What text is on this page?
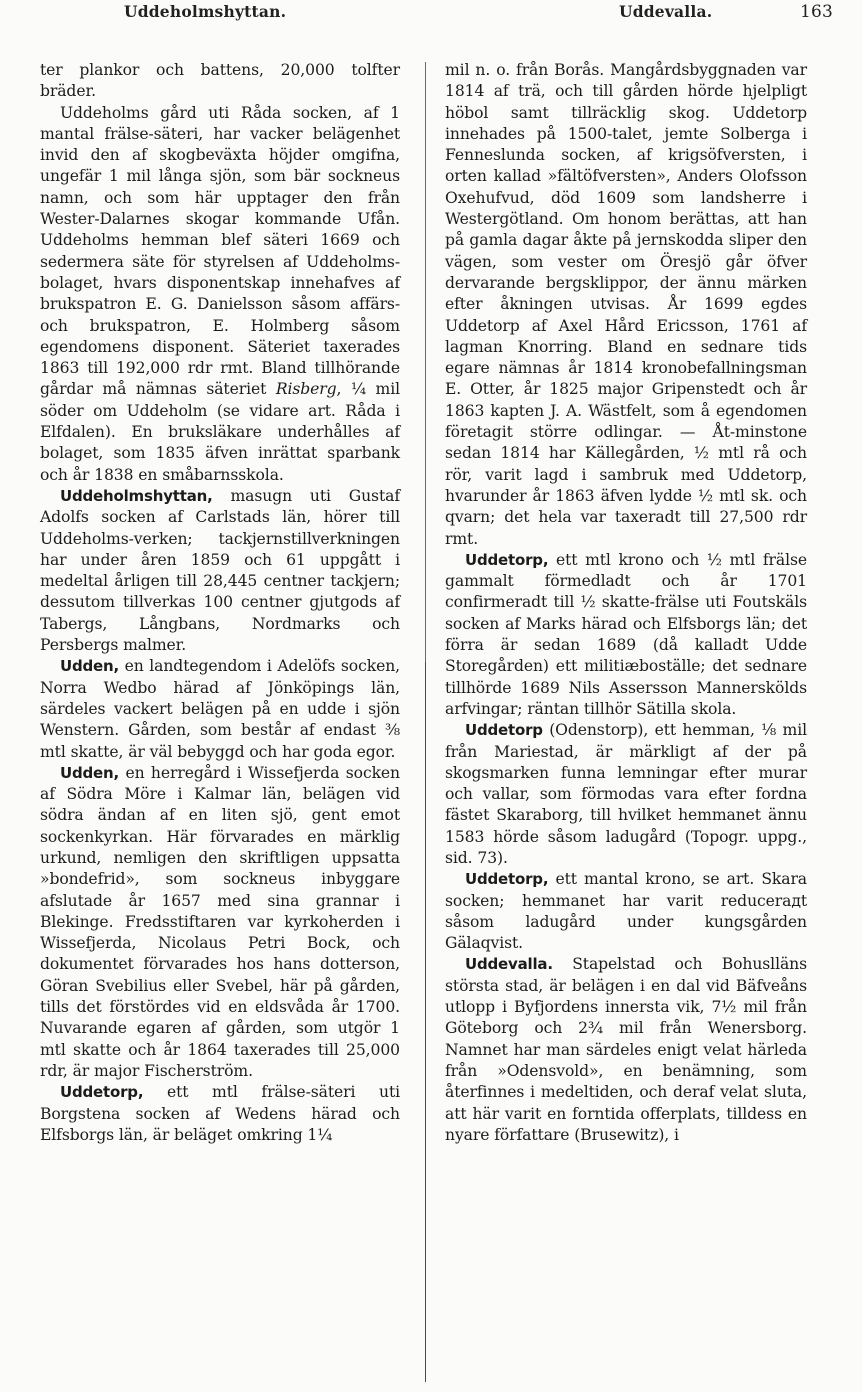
Uddeholmshyttan.	Uddevalla.	163

ter plankor och battens, 20,000 tolfter bräder.

Uddeholms gård uti Råda socken, af 1 mantal frälse-säteri, har vacker belägenhet invid den af skogbeväxta höjder omgifna, ungefär 1 mil långa sjön, som bär sockneus namn, och som här upptager den från Wester-Dalarnes skogar kommande Ufån. Uddeholms hemman blef säteri 1669 och sedermera säte för styrelsen af Uddeholms-bolaget, hvars disponentskap innehafves af brukspatron E. G. Danielsson såsom affärs- och brukspatron, E. Holmberg såsom egendomens disponent. Säteriet taxerades 1863 till 192,000 rdr rmt. Bland tillhörande gårdar må nämnas säteriet Risberg, ¼ mil söder om Uddeholm (se vidare art. Råda i Elfdalen). En bruksläkare underhålles af bolaget, som 1835 äfven inrättat sparbank och år 1838 en småbarnsskola.

Uddeholmshyttan, masugn uti Gustaf Adolfs socken af Carlstads län, hörer till Uddeholms-verken; tackjernstillverkningen har under åren 1859 och 61 uppgått i medeltal årligen till 28,445 centner tackjern; dessutom tillverkas 100 centner gjutgods af Tabergs, Långbans, Nordmarks och Persbergs malmer.

Udden, en landtegendom i Adelöfs socken, Norra Wedbo härad af Jönköpings län, särdeles vackert belägen på en udde i sjön Wenstern. Gården, som består af endast ⅜ mtl skatte, är väl bebyggd och har goda egor.

Udden, en herregård i Wissefjerda socken af Södra Möre i Kalmar län, belägen vid södra ändan af en liten sjö, gent emot sockenkyrkan. Här förvarades en märklig urkund, nemligen den skriftligen uppsatta »bondefrid», som sockneus inbyggare afslutade år 1657 med sina grannar i Blekinge. Fredsstiftaren var kyrkoherden i Wissefjerda, Nicolaus Petri Bock, och dokumentet förvarades hos hans dotterson, Göran Svebilius eller Svebel, här på gården, tills det förstördes vid en eldsvåda år 1700. Nuvarande egaren af gården, som utgör 1 mtl skatte och år 1864 taxerades till 25,000 rdr, är major Fischerström.

Uddetorp, ett mtl frälse-säteri uti Borgstena socken af Wedens härad och Elfsborgs län, är beläget omkring 1¼

mil n. o. från Borås. Mangårdsbyggnaden var 1814 af trä, och till gården hörde hjelpligt höbol samt tillräcklig skog. Uddetorp innehades på 1500-talet, jemte Solberga i Fenneslunda socken, af krigsöfversten, i orten kallad »fältöfversten», Anders Olofsson Oxehufvud, död 1609 som landsherre i Westergötland. Om honom berättas, att han på gamla dagar åkte på jernskodda sliper den vägen, som vester om Öresjö går öfver dervarande bergsklippor, der ännu märken efter åkningen utvisas. År 1699 egdes Uddetorp af Axel Hård Ericsson, 1761 af lagman Knorring. Bland en sednare tids egare nämnas år 1814 kronobefallningsman E. Otter, år 1825 major Gripenstedt och år 1863 kapten J. A. Wästfelt, som å egendomen företagit större odlingar. — Åt-minstone sedan 1814 har Källegården, ½ mtl rå och rör, varit lagd i sambruk med Uddetorp, hvarunder år 1863 äfven lydde ½ mtl sk. och qvarn; det hela var taxeradt till 27,500 rdr rmt.

Uddetorp, ett mtl krono och ½ mtl frälse gammalt förmedladt och år 1701 confirmeradt till ½ skatte-frälse uti Foutskäls socken af Marks härad och Elfsborgs län; det förra är sedan 1689 (då kalladt Udde Storegården) ett militiæboställe; det sednare tillhörde 1689 Nils Assersson Mannerskölds arfvingar; räntan tillhör Sätilla skola.

Uddetorp (Odenstorp), ett hemman, ⅛ mil från Mariestad, är märkligt af der på skogsmarken funna lemningar efter murar och vallar, som förmodas vara efter fordna fästet Skaraborg, till hvilket hemmanet ännu 1583 hörde såsom ladugård (Topogr. uppg., sid. 73).

Uddetorp, ett mantal krono, se art. Skara socken; hemmanet har varit reducerадt såsom ladugård under kungsgården Gälaqvist.

Uddevalla. Stapelstad och Bohuslläns största stad, är belägen i en dal vid Bäfveåns utlopp i Byfjordens innersta vik, 7½ mil från Göteborg och 2¾ mil från Wenersborg. Namnet har man särdeles enigt velat härleda från »Odensvold», en benämning, som återfinnes i medeltiden, och deraf velat sluta, att här varit en forntida offerplats, tilldess en nyare författare (Brusewitz), i
